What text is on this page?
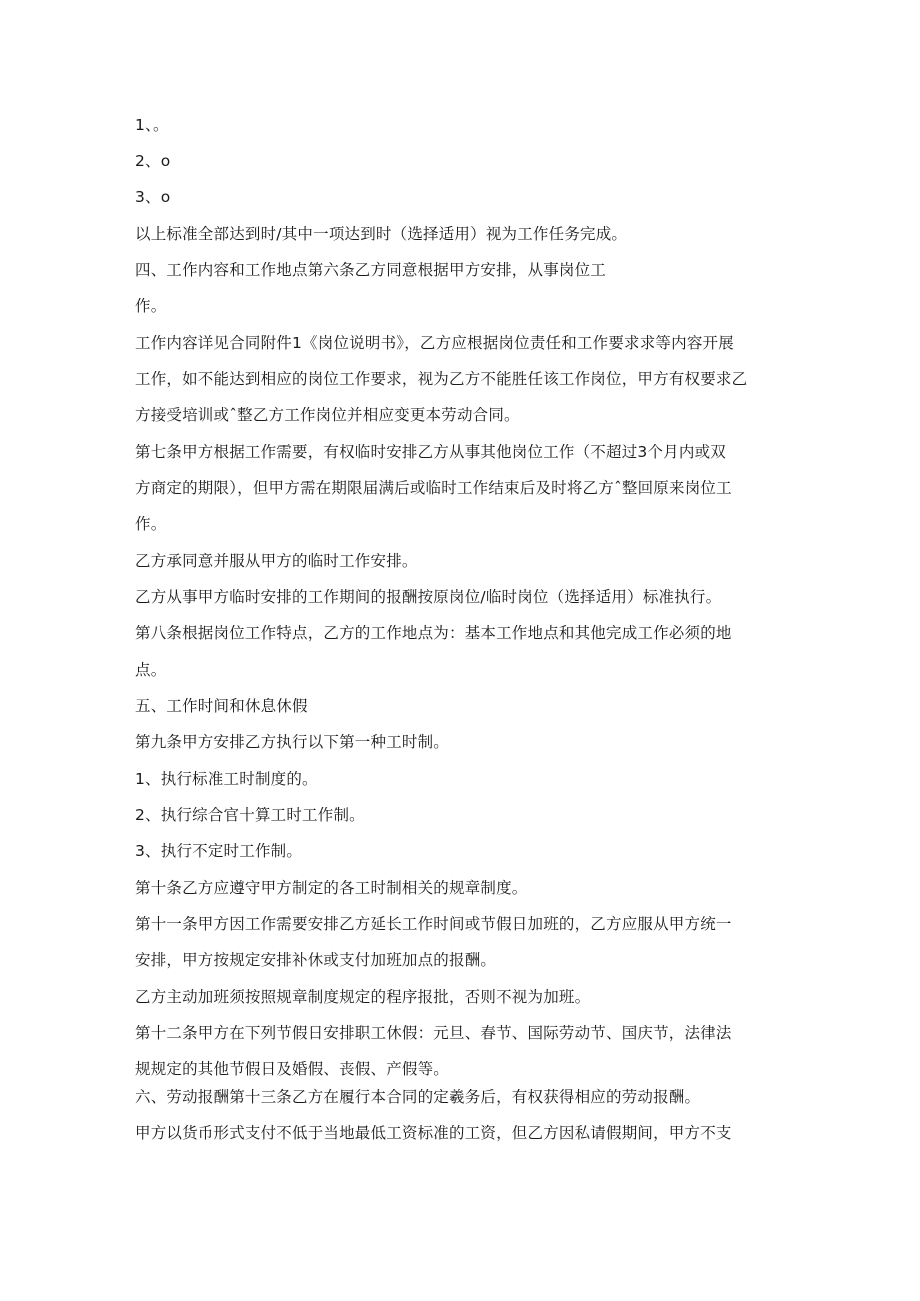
1、。
2、o
3、o
以上标准全部达到时/其中一项达到时（选择适用）视为工作任务完成。
四、工作内容和工作地点第六条乙方同意根据甲方安排，从事岗位工
作。
工作内容详见合同附件1《岗位说明书》，乙方应根据岗位责任和工作要求求等内容开展
工作，如不能达到相应的岗位工作要求，视为乙方不能胜任该工作岗位，甲方有权要求乙
方接受培训或ˆ整乙方工作岗位并相应变更本劳动合同。
第七条甲方根据工作需要，有权临时安排乙方从事其他岗位工作（不超过3个月内或双
方商定的期限），但甲方需在期限届满后或临时工作结束后及时将乙方ˆ整回原来岗位工
作。
乙方承同意并服从甲方的临时工作安排。
乙方从事甲方临时安排的工作期间的报酬按原岗位/临时岗位（选择适用）标准执行。
第八条根据岗位工作特点，乙方的工作地点为：基本工作地点和其他完成工作必须的地
点。
五、工作时间和休息休假
第九条甲方安排乙方执行以下第一种工时制。
1、执行标准工时制度的。
2、执行综合官十算工时工作制。
3、执行不定时工作制。
第十条乙方应遵守甲方制定的各工时制相关的规章制度。
第十一条甲方因工作需要安排乙方延长工作时间或节假日加班的，乙方应服从甲方统一
安排，甲方按规定安排补休或支付加班加点的报酬。
乙方主动加班须按照规章制度规定的程序报批，否则不视为加班。
第十二条甲方在下列节假日安排职工休假：元旦、春节、国际劳动节、国庆节，法律法
规规定的其他节假日及婚假、丧假、产假等。
六、劳动报酬第十三条乙方在履行本合同的定羲务后，有权获得相应的劳动报酬。
甲方以货币形式支付不低于当地最低工资标准的工资，但乙方因私请假期间，甲方不支
